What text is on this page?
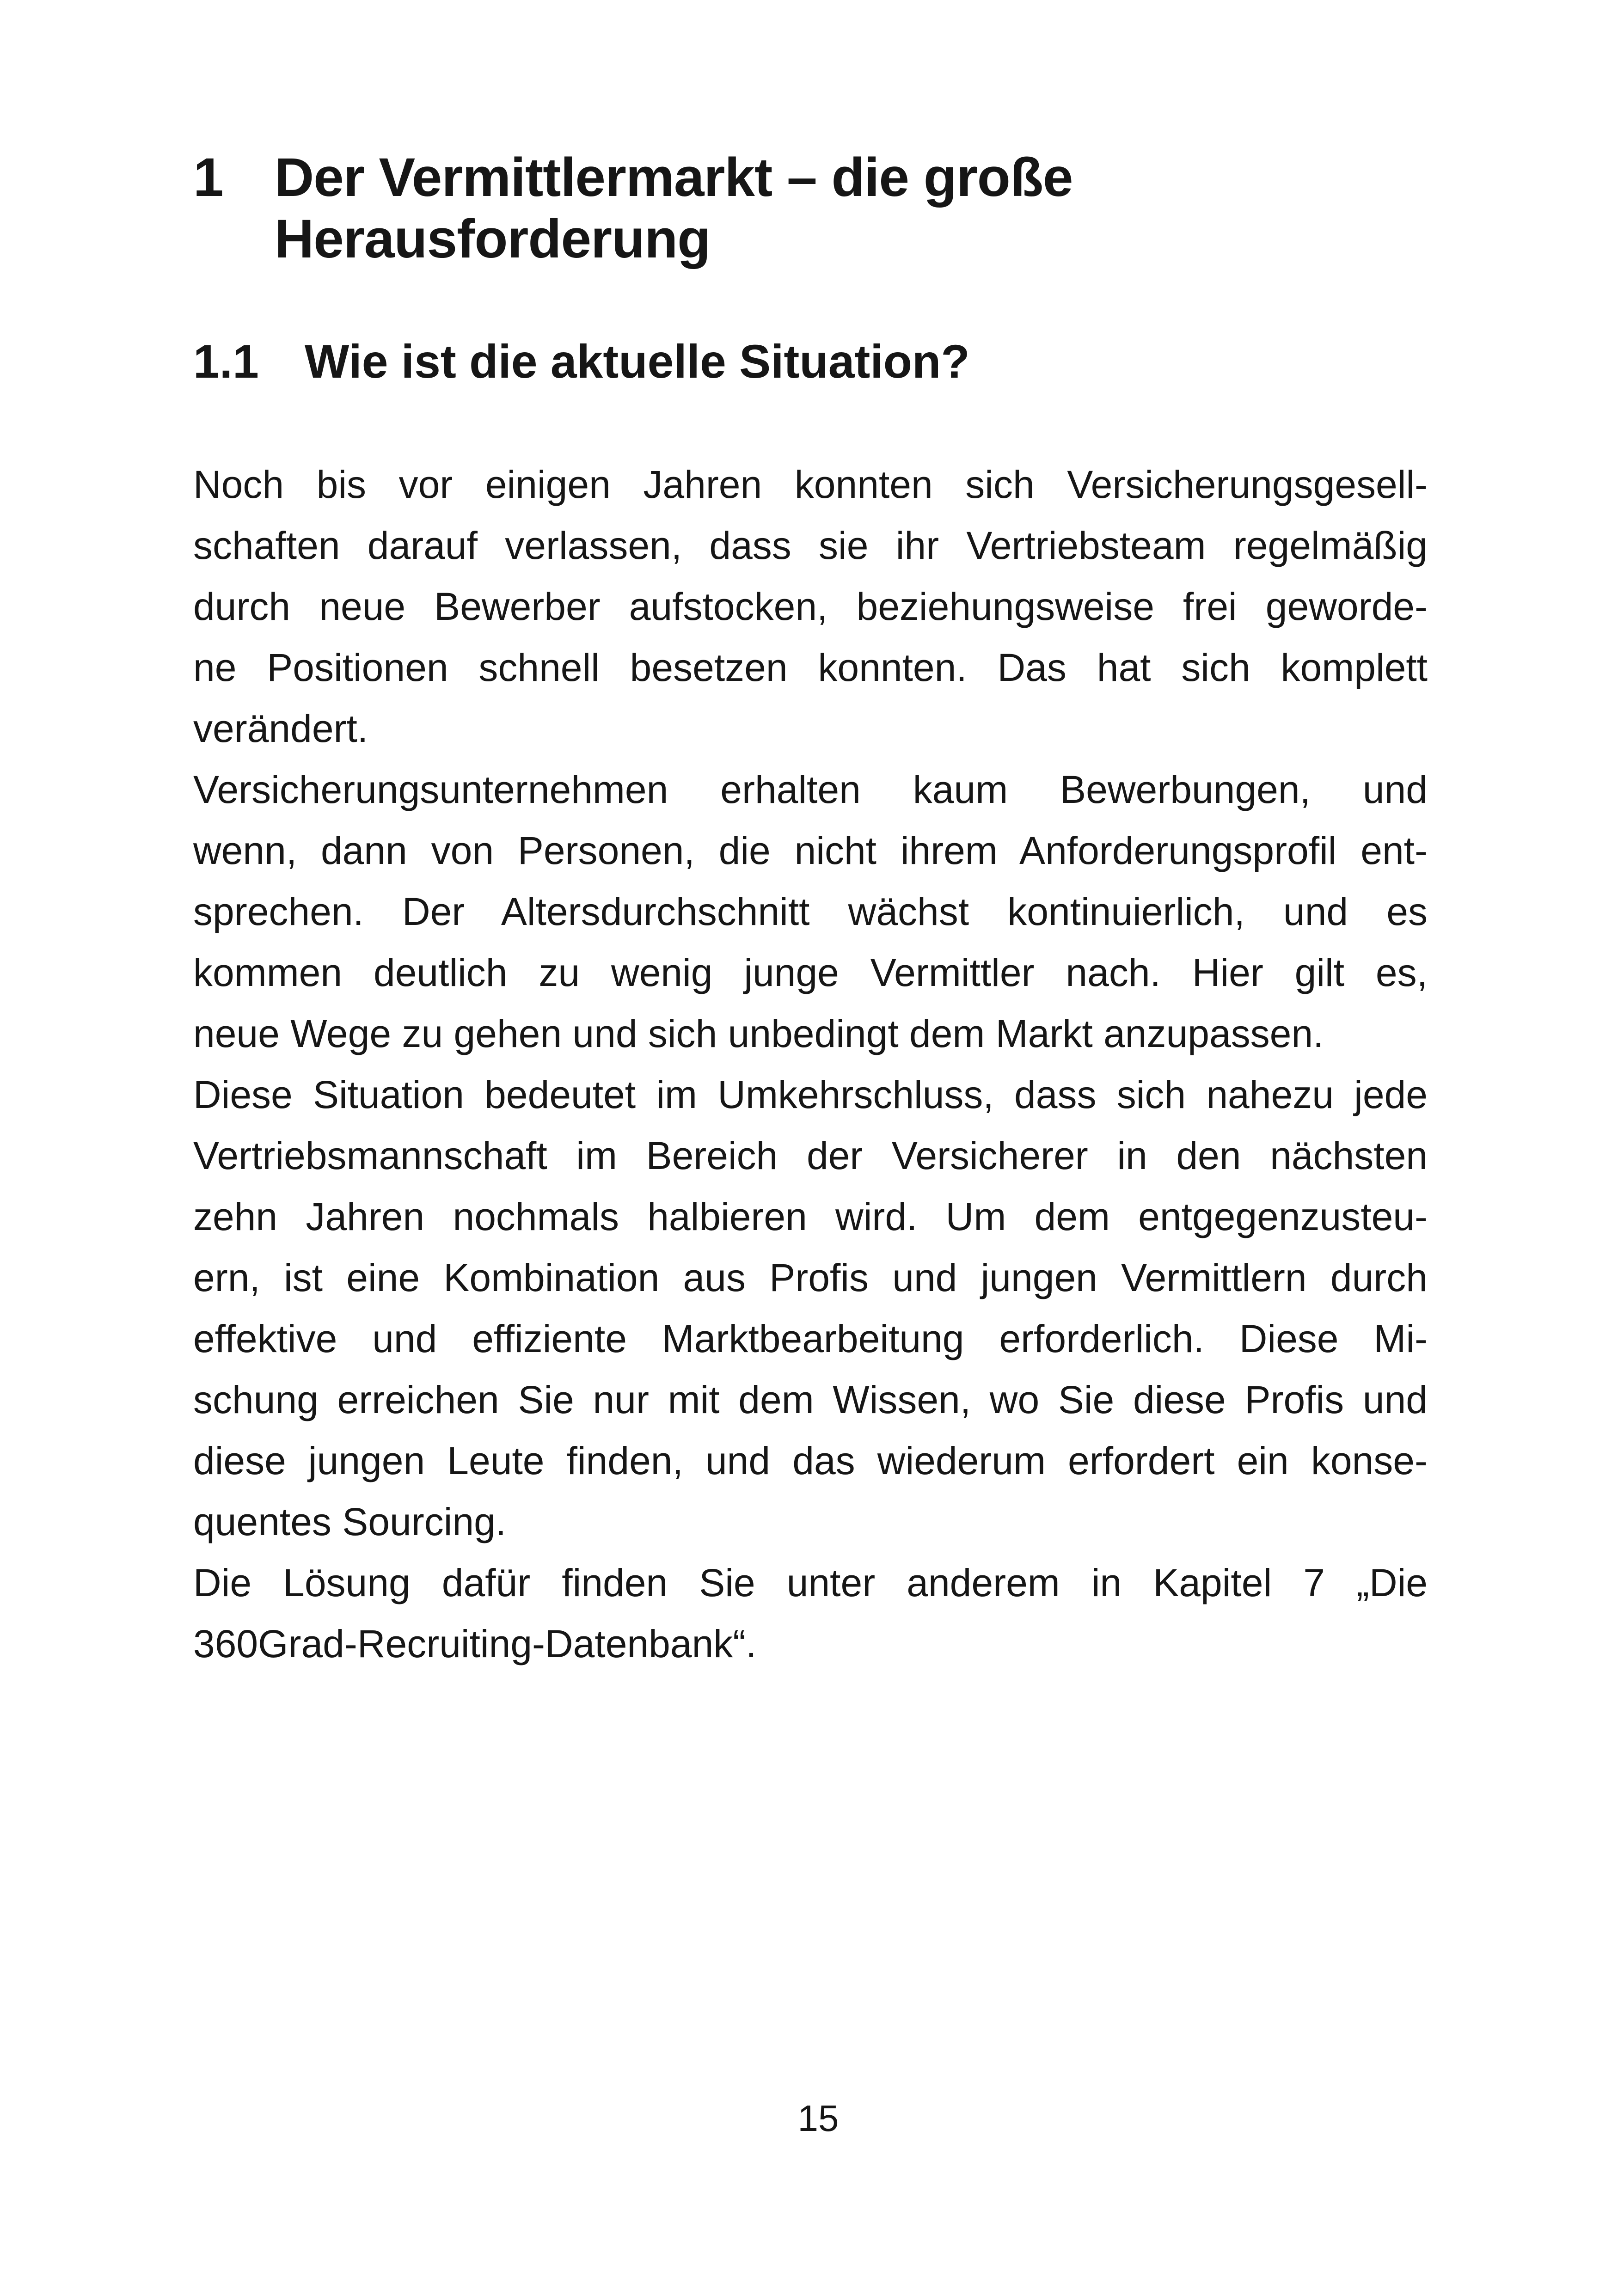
1 Der Vermittlermarkt – die große
Herausforderung
1.1 Wie ist die aktuelle Situation?
Noch bis vor einigen Jahren konnten sich Versicherungsgesell-
schaften darauf verlassen, dass sie ihr Vertriebsteam regelmäßig
durch neue Bewerber aufstocken, beziehungsweise frei geworde-
ne Positionen schnell besetzen konnten. Das hat sich komplett
verändert.
Versicherungsunternehmen erhalten kaum Bewerbungen, und
wenn, dann von Personen, die nicht ihrem Anforderungsprofil ent-
sprechen. Der Altersdurchschnitt wächst kontinuierlich, und es
kommen deutlich zu wenig junge Vermittler nach. Hier gilt es,
neue Wege zu gehen und sich unbedingt dem Markt anzupassen.
Diese Situation bedeutet im Umkehrschluss, dass sich nahezu jede
Vertriebsmannschaft im Bereich der Versicherer in den nächsten
zehn Jahren nochmals halbieren wird. Um dem entgegenzusteu-
ern, ist eine Kombination aus Profis und jungen Vermittlern durch
effektive und effiziente Marktbearbeitung erforderlich. Diese Mi-
schung erreichen Sie nur mit dem Wissen, wo Sie diese Profis und
diese jungen Leute finden, und das wiederum erfordert ein konse-
quentes Sourcing.
Die Lösung dafür finden Sie unter anderem in Kapitel 7 „Die
360Grad-Recruiting-Datenbank“.
15
